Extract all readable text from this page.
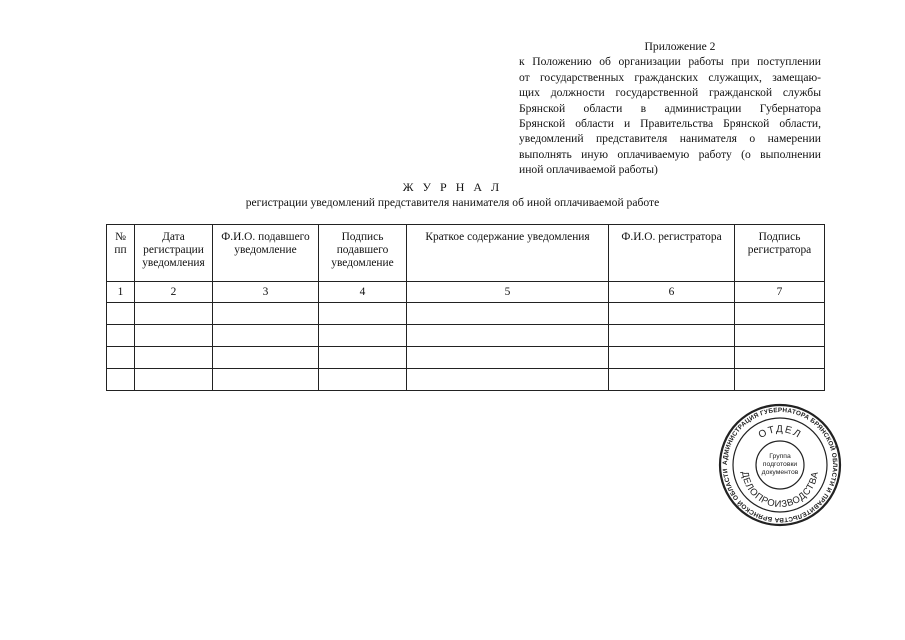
Приложение 2
к Положению об организации работы при поступлении
от государственных гражданских служащих, замещаю-
щих должности государственной гражданской службы
Брянской области в администрации Губернатора
Брянской области и Правительства Брянской области,
уведомлений представителя нанимателя о намерении
выполнять иную оплачиваемую работу (о выполнении
иной оплачиваемой работы)
Ж У Р Н А Л
регистрации уведомлений представителя нанимателя об иной оплачиваемой работе
№ пп	Дата регистрации уведомления	Ф.И.О. подавшего уведомление	Подпись подавшего уведомление	Краткое содержание уведомления	Ф.И.О. регистратора	Подпись регистратора
1	2	3	4	5	6	7

АДМИНИСТРАЦИЯ ГУБЕРНАТОРА БРЯНСКОЙ ОБЛАСТИ И ПРАВИТЕЛЬСТВА БРЯНСКОЙ ОБЛАСТИ
ОТДЕЛ
ДЕЛОПРОИЗВОДСТВА
Группа
подготовки
документов
